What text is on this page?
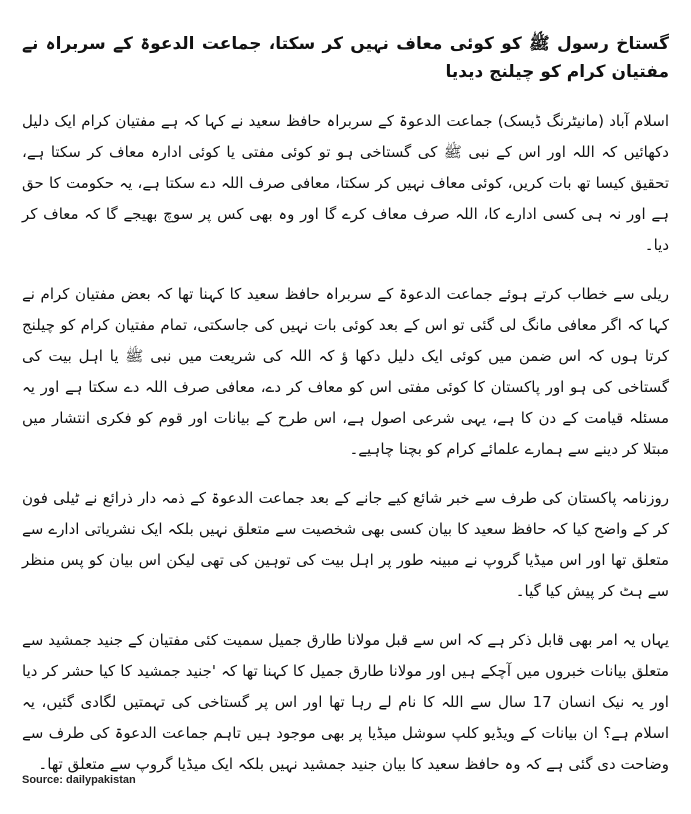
گستاخ رسول ﷺ کو کوئی معاف نہیں کر سکتا، جماعت الدعوۃ کے سربراہ نے مفتیان کرام کو چیلنج دیدیا

اسلام آباد (مانیٹرنگ ڈیسک) جماعت الدعوۃ کے سربراہ حافظ سعید نے کہا کہ ہے مفتیان کرام ایک دلیل دکھائیں کہ اللہ اور اس کے نبی ﷺ کی گستاخی ہو تو کوئی مفتی یا کوئی ادارہ معاف کر سکتا ہے، تحقیق کیسا تھ بات کریں، کوئی معاف نہیں کر سکتا، معافی صرف اللہ دے سکتا ہے، یہ حکومت کا حق ہے اور نہ ہی کسی ادارے کا، اللہ صرف معاف کرے گا اور وہ بھی کس پر سوچ بھیجے گا کہ معاف کر دیا۔

ریلی سے خطاب کرتے ہوئے جماعت الدعوۃ کے سربراہ حافظ سعید کا کہنا تھا کہ بعض مفتیان کرام نے کہا کہ اگر معافی مانگ لی گئی تو اس کے بعد کوئی بات نہیں کی جاسکتی، تمام مفتیان کرام کو چیلنج کرتا ہوں کہ اس ضمن میں کوئی ایک دلیل دکھا ؤ کہ اللہ کی شریعت میں نبی ﷺ یا اہل بیت کی گستاخی کی ہو اور پاکستان کا کوئی مفتی اس کو معاف کر دے، معافی صرف اللہ دے سکتا ہے اور یہ مسئلہ قیامت کے دن کا ہے، یہی شرعی اصول ہے، اس طرح کے بیانات اور قوم کو فکری انتشار میں مبتلا کر دینے سے ہمارے علمائے کرام کو بچنا چاہیے۔

روزنامہ پاکستان کی طرف سے خبر شائع کیے جانے کے بعد جماعت الدعوۃ کے ذمہ دار ذرائع نے ٹیلی فون کر کے واضح کیا کہ حافظ سعید کا بیان کسی بھی شخصیت سے متعلق نہیں بلکہ ایک نشریاتی ادارے سے متعلق تھا اور اس میڈیا گروپ نے مبینہ طور پر اہل بیت کی توہین کی تھی لیکن اس بیان کو پس منظر سے ہٹ کر پیش کیا گیا۔

یہاں یہ امر بھی قابل ذکر ہے کہ اس سے قبل مولانا طارق جمیل سمیت کئی مفتیان کے جنید جمشید سے متعلق بیانات خبروں میں آچکے ہیں اور مولانا طارق جمیل کا کہنا تھا کہ 'جنید جمشید کا کیا حشر کر دیا اور یہ نیک انسان 17 سال سے اللہ کا نام لے رہا تھا اور اس پر گستاخی کی تہمتیں لگادی گئیں، یہ اسلام ہے؟ ان بیانات کے ویڈیو کلپ سوشل میڈیا پر بھی موجود ہیں تاہم جماعت الدعوۃ کی طرف سے وضاحت دی گئی ہے کہ وہ حافظ سعید کا بیان جنید جمشید نہیں بلکہ ایک میڈیا گروپ سے متعلق تھا۔

Source: dailypakistan
